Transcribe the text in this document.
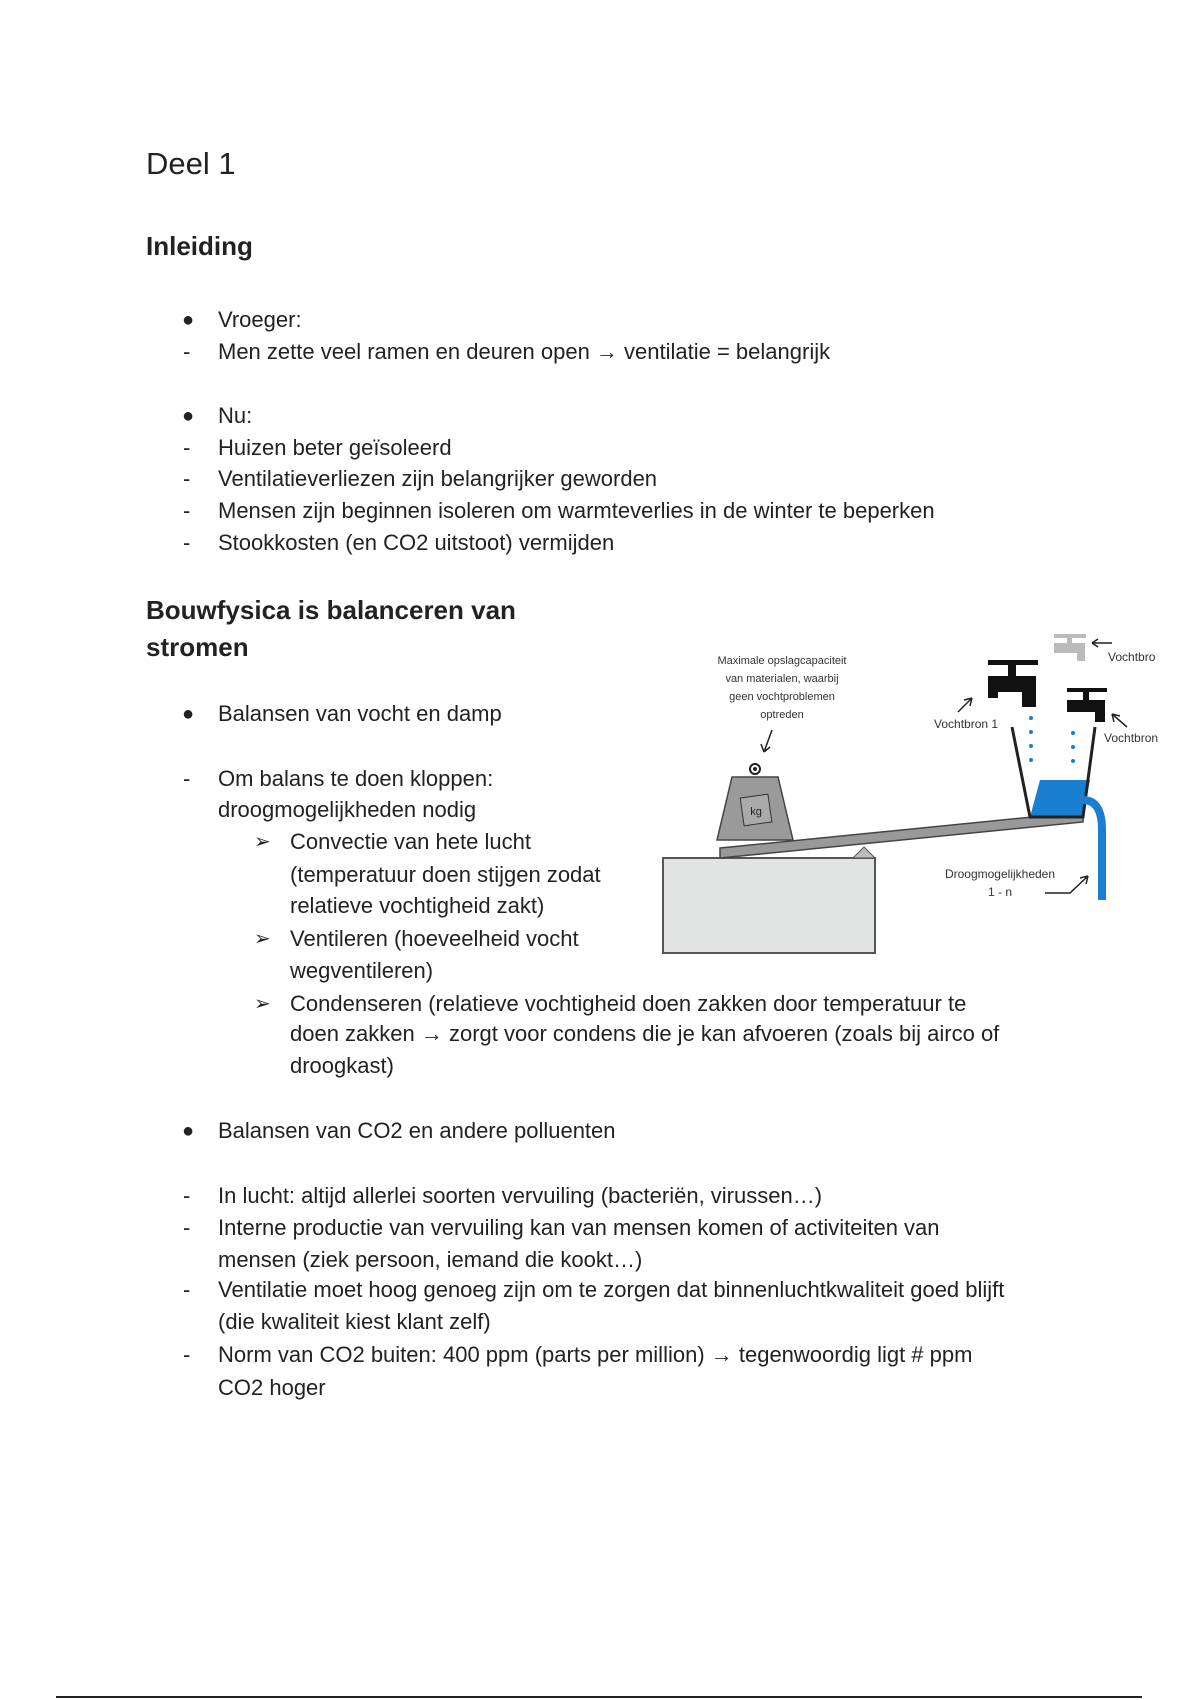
Deel 1
Inleiding
● Vroeger:
- Men zette veel ramen en deuren open → ventilatie = belangrijk
● Nu:
- Huizen beter geïsoleerd
- Ventilatieverliezen zijn belangrijker geworden
- Mensen zijn beginnen isoleren om warmteverlies in de winter te beperken
- Stookkosten (en CO2 uitstoot) vermijden
Bouwfysica is balanceren van
stromen
● Balansen van vocht en damp
- Om balans te doen kloppen:
droogmogelijkheden nodig
➢ Convectie van hete lucht
(temperatuur doen stijgen zodat
relatieve vochtigheid zakt)
➢ Ventileren (hoeveelheid vocht
wegventileren)
➢ Condenseren (relatieve vochtigheid doen zakken door temperatuur te
doen zakken → zorgt voor condens die je kan afvoeren (zoals bij airco of
droogkast)
● Balansen van CO2 en andere polluenten
- In lucht: altijd allerlei soorten vervuiling (bacteriën, virussen…)
- Interne productie van vervuiling kan van mensen komen of activiteiten van
mensen (ziek persoon, iemand die kookt…)
- Ventilatie moet hoog genoeg zijn om te zorgen dat binnenluchtkwaliteit goed blijft
(die kwaliteit kiest klant zelf)
- Norm van CO2 buiten: 400 ppm (parts per million) → tegenwoordig ligt # ppm
CO2 hoger
kg
Maximale opslagcapaciteit
van materialen, waarbij
geen vochtproblemen
optreden
Vochtbron 1
Vochtbro
Vochtbron
Droogmogelijkheden
1 - n
